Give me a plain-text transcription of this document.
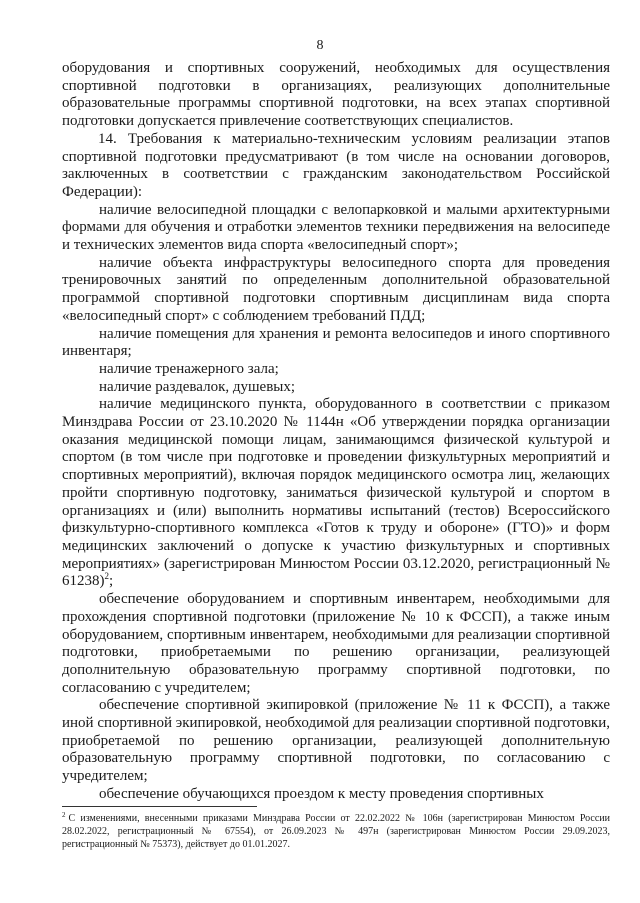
8

оборудования и спортивных сооружений, необходимых для осуществления спортивной подготовки в организациях, реализующих дополнительные образовательные программы спортивной подготовки, на всех этапах спортивной подготовки допускается привлечение соответствующих специалистов.

14. Требования к материально-техническим условиям реализации этапов спортивной подготовки предусматривают (в том числе на основании договоров, заключенных в соответствии с гражданским законодательством Российской Федерации):

наличие велосипедной площадки с велопарковкой и малыми архитектурными формами для обучения и отработки элементов техники передвижения на велосипеде и технических элементов вида спорта «велосипедный спорт»;

наличие объекта инфраструктуры велосипедного спорта для проведения тренировочных занятий по определенным дополнительной образовательной программой спортивной подготовки спортивным дисциплинам вида спорта «велосипедный спорт» с соблюдением требований ПДД;

наличие помещения для хранения и ремонта велосипедов и иного спортивного инвентаря;

наличие тренажерного зала;

наличие раздевалок, душевых;

наличие медицинского пункта, оборудованного в соответствии с приказом Минздрава России от 23.10.2020 № 1144н «Об утверждении порядка организации оказания медицинской помощи лицам, занимающимся физической культурой и спортом (в том числе при подготовке и проведении физкультурных мероприятий и спортивных мероприятий), включая порядок медицинского осмотра лиц, желающих пройти спортивную подготовку, заниматься физической культурой и спортом в организациях и (или) выполнить нормативы испытаний (тестов) Всероссийского физкультурно-спортивного комплекса «Готов к труду и обороне» (ГТО)» и форм медицинских заключений о допуске к участию физкультурных и спортивных мероприятиях» (зарегистрирован Минюстом России 03.12.2020, регистрационный № 61238)$^2$;

обеспечение оборудованием и спортивным инвентарем, необходимыми для прохождения спортивной подготовки (приложение № 10 к ФССП), а также иным оборудованием, спортивным инвентарем, необходимыми для реализации спортивной подготовки, приобретаемыми по решению организации, реализующей дополнительную образовательную программу спортивной подготовки, по согласованию с учредителем;

обеспечение спортивной экипировкой (приложение № 11 к ФССП), а также иной спортивной экипировкой, необходимой для реализации спортивной подготовки, приобретаемой по решению организации, реализующей дополнительную образовательную программу спортивной подготовки, по согласованию с учредителем;

обеспечение обучающихся проездом к месту проведения спортивных

$^2$ С изменениями, внесенными приказами Минздрава России от 22.02.2022 № 106н (зарегистрирован Минюстом России 28.02.2022, регистрационный № 67554), от 26.09.2023 № 497н (зарегистрирован Минюстом России 29.09.2023, регистрационный № 75373), действует до 01.01.2027.
